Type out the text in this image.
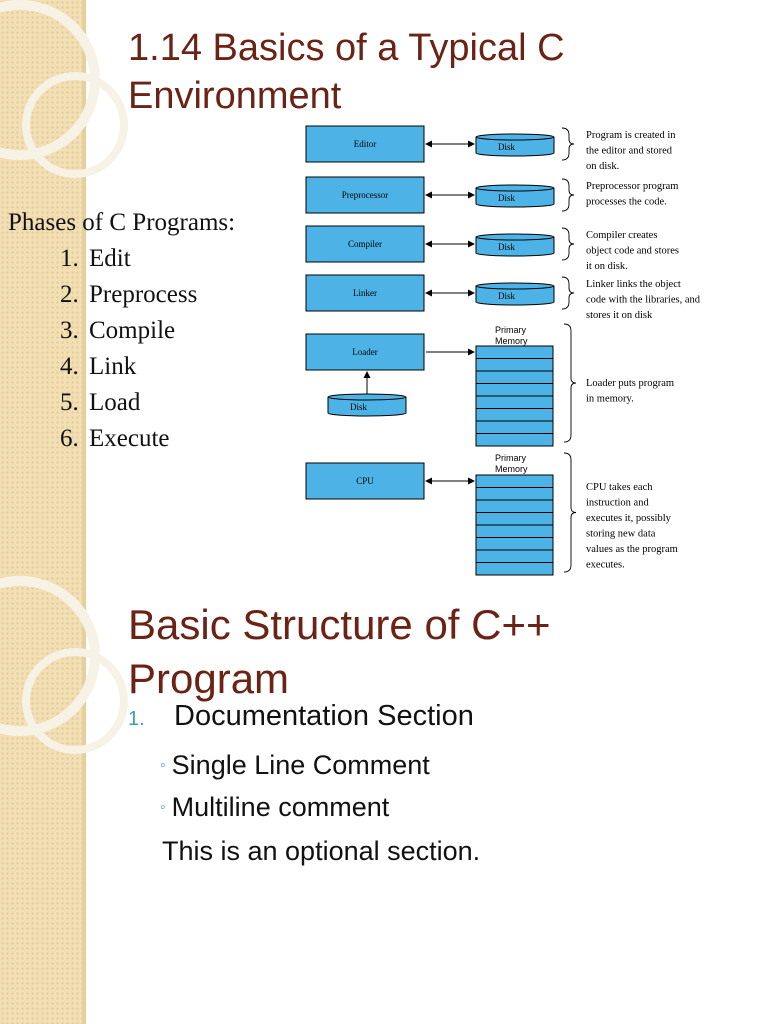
1.14 Basics of a Typical C
Environment
Phases of C Programs:
1. Edit
2. Preprocess
3. Compile
4. Link
5. Load
6. Execute
Editor	Disk
Program is created in
the editor and stored
on disk.
Preprocessor	Disk
Preprocessor program
processes the code.
Compiler	Disk
Compiler creates
object code and stores
it on disk.
Linker	Disk
Linker links the object
code with the libraries, and
stores it on disk
Loader
Disk
Primary
Memory
Loader puts program
in memory.
CPU
Primary
Memory
CPU takes each
instruction and
executes it, possibly
storing new data
values as the program
executes.
Basic Structure of C++
Program
1. Documentation Section
◦ Single Line Comment
◦ Multiline comment
This is an optional section.
